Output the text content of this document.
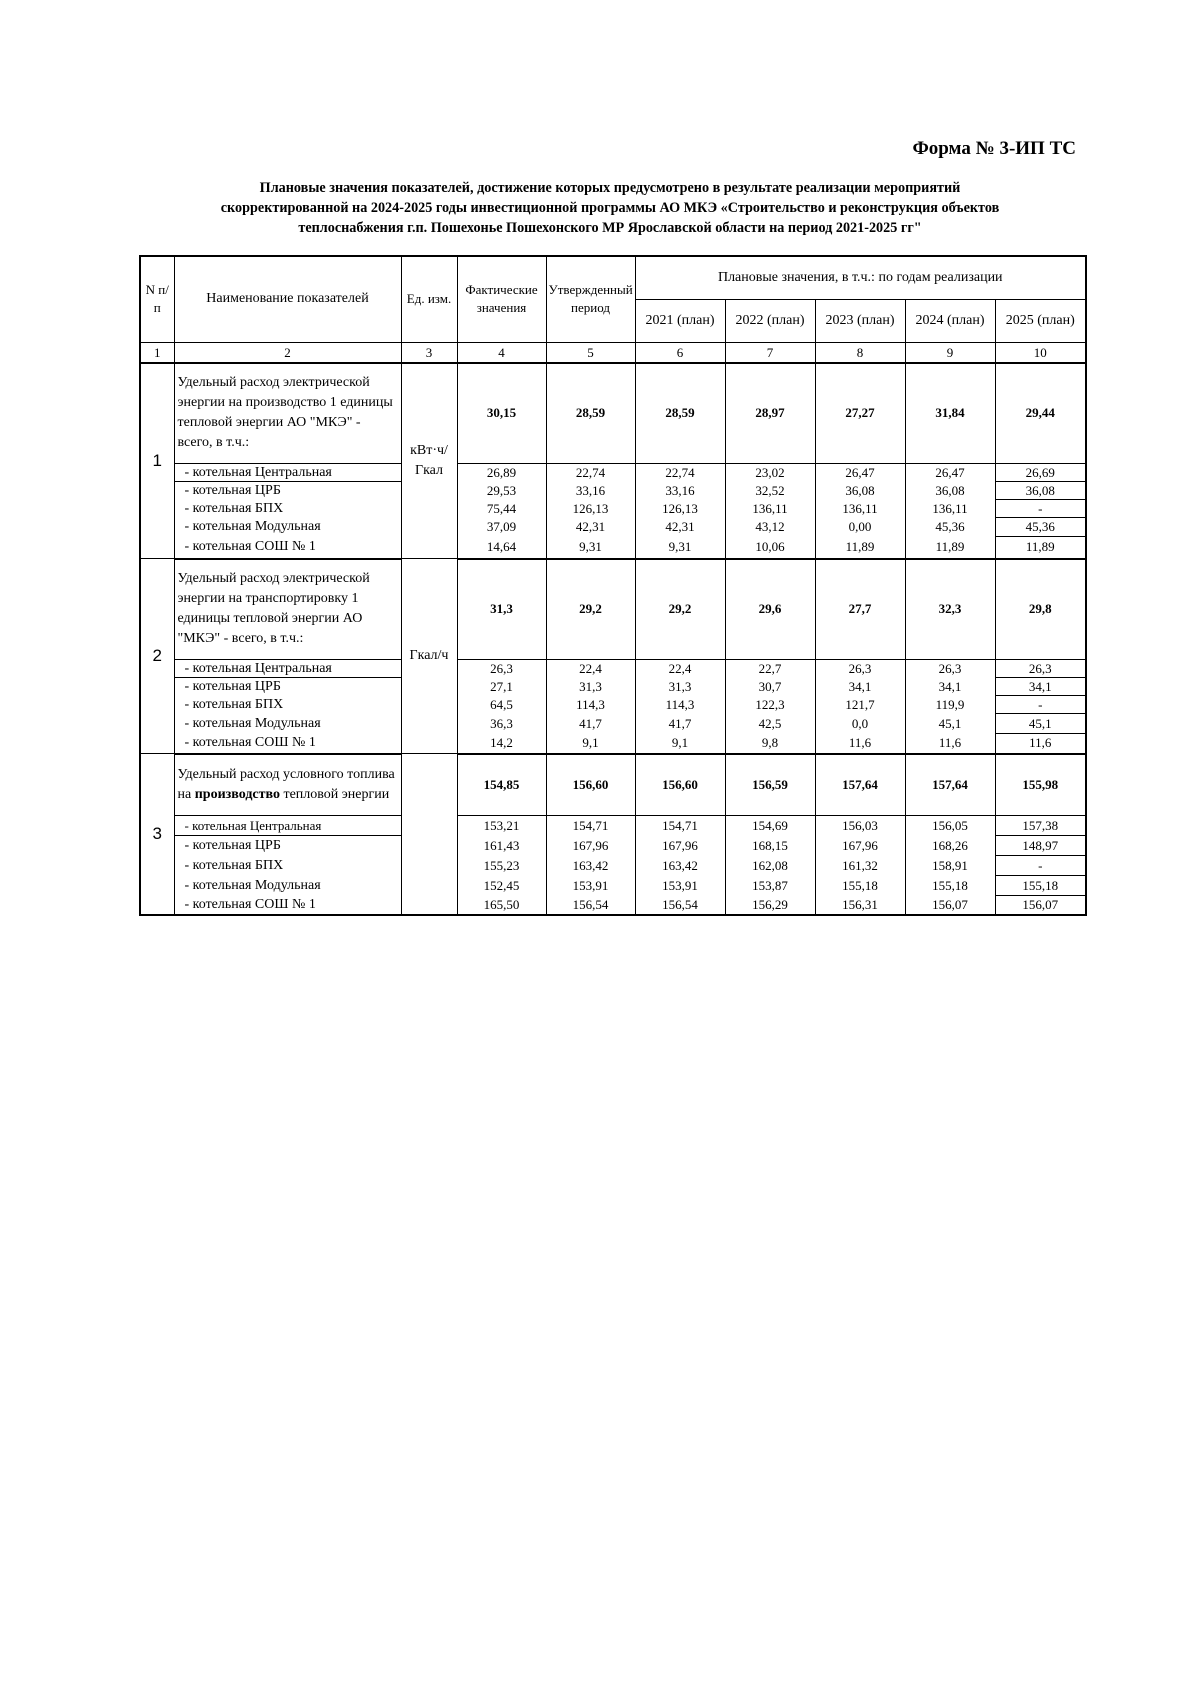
Форма № 3-ИП ТС
Плановые значения показателей, достижение которых предусмотрено в результате реализации мероприятий
скорректированной на 2024-2025 годы инвестиционной программы АО МКЭ «Строительство и реконструкция объектов
теплоснабжения г.п. Пошехонье Пошехонского МР Ярославской области на период 2021-2025 гг"
N п/п	Наименование показателей	Ед. изм.	Фактические значения	Утвержденный период	Плановые значения, в т.ч.: по годам реализации				
					2021 (план)	2022 (план)	2023 (план)	2024 (план)	2025 (план)
1	2	3	4	5	6	7	8	9	10
1	Удельный расход электрической энергии на производство 1 единицы тепловой энергии АО "МКЭ" - всего, в т.ч.:	кВт·ч/ Гкал	30,15	28,59	28,59	28,97	27,27	31,84	29,44
	- котельная Центральная		26,89	22,74	22,74	23,02	26,47	26,47	26,69
	- котельная ЦРБ		29,53	33,16	33,16	32,52	36,08	36,08	36,08
	- котельная БПХ		75,44	126,13	126,13	136,11	136,11	136,11	-
	- котельная Модульная		37,09	42,31	42,31	43,12	0,00	45,36	45,36
	- котельная СОШ № 1		14,64	9,31	9,31	10,06	11,89	11,89	11,89
2	Удельный расход электрической энергии на транспортировку 1 единицы тепловой энергии АО "МКЭ" - всего, в т.ч.:	Гкал/ч	31,3	29,2	29,2	29,6	27,7	32,3	29,8
	- котельная Центральная		26,3	22,4	22,4	22,7	26,3	26,3	26,3
	- котельная ЦРБ		27,1	31,3	31,3	30,7	34,1	34,1	34,1
	- котельная БПХ		64,5	114,3	114,3	122,3	121,7	119,9	-
	- котельная Модульная		36,3	41,7	41,7	42,5	0,0	45,1	45,1
	- котельная СОШ № 1		14,2	9,1	9,1	9,8	11,6	11,6	11,6
3	Удельный расход условного топлива на производство тепловой энергии		154,85	156,60	156,60	156,59	157,64	157,64	155,98
	- котельная Центральная		153,21	154,71	154,71	154,69	156,03	156,05	157,38
	- котельная ЦРБ		161,43	167,96	167,96	168,15	167,96	168,26	148,97
	- котельная БПХ		155,23	163,42	163,42	162,08	161,32	158,91	-
	- котельная Модульная		152,45	153,91	153,91	153,87	155,18	155,18	155,18
	- котельная СОШ № 1		165,50	156,54	156,54	156,29	156,31	156,07	156,07
